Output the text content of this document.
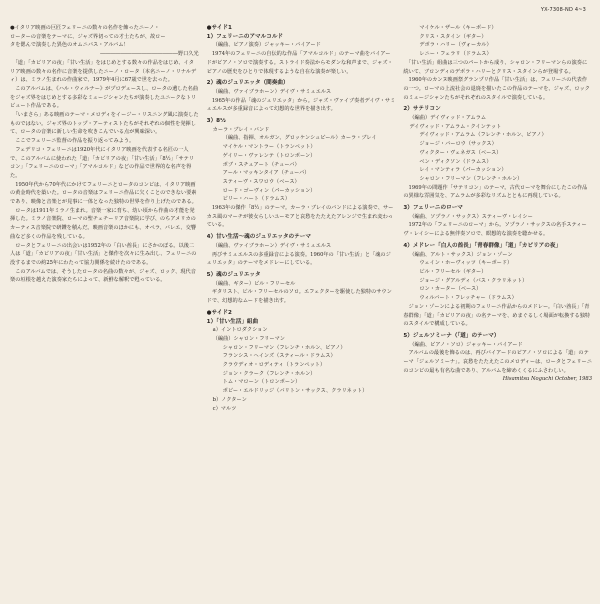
YX-7308-ND 4~3

●イタリア映画の巨匠フェリーニの数々の名作を飾ったニーノ・

ローターの音楽をテーマに、ジャズ界切っての才士たちが、故ロー

タを偲んで演奏した異色のオムニバス・アルバム！

―――――――――――――――野口久光

　「道」「カビリアの夜」「甘い生活」をはじめとする数々の作品をはじめ、イタリア映画の数々の名作に音楽を提供したニーノ・ロータ（本名ニーノ・リナルディ）は、ミラノ生まれの作曲家で、1979年4月に67歳で世を去った。

　このアルバムは、《ハル・ウィルナー》がプロデュースし、ロータの遺した名曲をジャズ界をはじめとする多彩なミュージシャンたちが演奏したユニークなトリビュート作品である。

　「いまさら」ある映画のテーマ・メロディをイージー・リスニング風に演奏したものではない。ジャズ界のトップ・アーティストたちがそれぞれの個性を発揮して、ロータの音楽に新しい生命を吹きこんでいる点が興味深い。

　ここでフェリーニ監督の作品を振り返ってみよう。

　フェデリコ・フェリーニは1920年代にイタリア映画を代表する名匠の一人で、このアルバムに使われた「道」「カビリアの夜」「甘い生活」「8½」「サテリコン」「フェリーニのローマ」「アマルコルド」などの作品で世界的な名声を得た。

　1950年代から70年代にかけてフェリーニとロータのコンビは、イタリア映画の黄金時代を築いた。ロータの音楽はフェリーニ作品に欠くことのできない要素であり、映像と音楽とが見事に一体となった独特の世界を作り上げたのである。

　ロータは1911年ミラノ生まれ。音楽一家に育ち、幼い頃から作曲の才能を発揮した。ミラノ音楽院、ローマの聖チェチーリア音楽院に学び、のちアメリカのカーティス音楽院で研鑽を積んだ。映画音楽のほかにも、オペラ、バレエ、交響曲など多くの作品を残している。

　ロータとフェリーニの出会いは1952年の「白い酋長」にさかのぼる。以後二人は「道」「カビリアの夜」「甘い生活」と傑作を次々に生み出し、フェリーニの没するまでの約25年にわたって協力関係を続けたのである。

　このアルバムでは、そうしたロータの名曲の数々が、ジャズ、ロック、現代音楽の垣根を越えた演奏家たちによって、新鮮な解釈で甦っている。

●サイド1

1）フェリーニのアマルコルド

（編曲、ピアノ演奏）ジャッキー・バイアード

　1974年のフェリーニの自伝的な作品「アマルコルド」のテーマ曲をバイアードがピアノ・ソロで演奏する。ストライド奏法からモダンな和声まで、ジャズ・ピアノの歴史をひとりで体現するような自在な演奏が楽しい。

2）魂のジュリエッタ（間奏曲）

（編曲、ヴァイブラホーン）デイヴ・サミュエルス

　1965年の作品「魂のジュリエッタ」から。ジャズ・ヴァイブ奏者デイヴ・サミュエルスが多重録音によって幻想的な世界を描き出す。

3）8½

カーラ・ブレイ・バンド

（編曲、指揮、オルガン、グロッケンシュピール）カーラ・ブレイ

マイケル・マントラー（トランペット）

ゲイリー・ヴァレンテ（トロンボーン）

ボブ・スチュアート（チューバ）

アール・マッキンタイア（チューバ）

スティーヴ・スワロウ（ベース）

ロード・ゴーヴィン（パーカッション）

ビリー・ハート（ドラムス）

　1963年の傑作「8½」のテーマ。カーラ・ブレイのバンドによる演奏で、サーカス風のマーチが彼女らしいユーモアと哀愁をたたえたアレンジで生まれ変わっている。

4）甘い生活〜魂のジュリエッタのテーマ

（編曲、ヴァイブラホーン）デイヴ・サミュエルス

　再びサミュエルスの多重録音による演奏。1960年の「甘い生活」と「魂のジュリエッタ」のテーマをメドレーにしている。

5）魂のジュリエッタ

（編曲、ギター）ビル・フリーセル

　ギタリスト、ビル・フリーセルのソロ。エフェクターを駆使した独特のサウンドで、幻想的なムードを描き出す。

●サイド2

1）「甘い生活」組曲

a）イントロダクション

（編曲）シャロン・フリーマン

シャロン・フリーマン（フレンチ・ホルン、ピアノ）

フランシス・ヘインズ（スティール・ドラムス）

クラウディオ・ロディティ（トランペット）

ジョン・クラーク（フレンチ・ホルン）

トム・マローン（トロンボーン）

ボビー・エルドリッジ（バリトン・サックス、クラリネット）

b）ノクターン

c）マルツ

マイケル・ザール（キーボード）

クリス・スタイン（ギター）

デボラ・ハリー（ヴォーカル）

レニー・フェラリ（ドラムス）

　「甘い生活」組曲は三つのパートから成り、シャロン・フリーマンらの演奏に続いて、ブロンディのデボラ・ハリーとクリス・スタインらが登場する。

　1960年のカンヌ映画祭グランプリ作品「甘い生活」は、フェリーニの代表作の一つ。ローマの上流社会の退廃を描いたこの作品のテーマを、ジャズ、ロックのミュージシャンたちがそれぞれのスタイルで演奏している。

2）サテリコン

（編曲）デイヴィッド・アムラム

デイヴィッド・アムラム・クインテット

デイヴィッド・アムラム（フレンチ・ホルン、ピアノ）

ジョージ・バーロウ（サックス）

ヴィクター・ヴェネガス（ベース）

ベン・ディクソン（ドラムス）

レイ・マンティラ（パーカッション）

シャロン・フリーマン（フレンチ・ホルン）

　1969年の問題作「サテリコン」のテーマ。古代ローマを舞台にしたこの作品の異様な雰囲気を、アムラムが多彩なリズムとともに再現している。

3）フェリーニのローマ

（編曲、ソプラノ・サックス）スティーヴ・レイシー

　1972年の「フェリーニのローマ」から。ソプラノ・サックスの名手スティーヴ・レイシーによる無伴奏ソロで、瞑想的な演奏を聴かせる。

4）メドレー「白人の酋長」「青春群像」「道」「カビリアの夜」

（編曲、アルト・サックス）ジョン・ゾーン

ウェイン・ホーヴィッツ（キーボード）

ビル・フリーセル（ギター）

ジョージ・グアルディ（バス・クラリネット）

ロン・カーター（ベース）

ウィルバート・フレッチャー（ドラムス）

　ジョン・ゾーンによる初期のフェリーニ作品からのメドレー。「白い酋長」「青春群像」「道」「カビリアの夜」の名テーマを、めまぐるしく場面が転換する独特のスタイルで構成している。

5）ジェルソミーナ（「道」のテーマ）

（編曲、ピアノ・ソロ）ジャッキー・バイアード

　アルバムの最後を飾るのは、再びバイアードのピアノ・ソロによる「道」のテーマ「ジェルソミーナ」。哀愁をたたえたこのメロディーは、ロータとフェリーニのコンビの最も有名な曲であり、アルバムを締めくくるにふさわしい。

Hisamitsu Noguchi October, 1983
